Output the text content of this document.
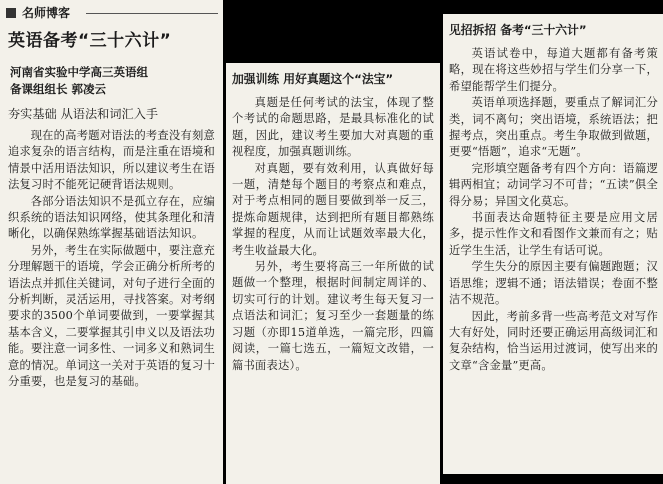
名师博客
英语备考“三十六计”
河南省实验中学高三英语组
备课组组长 郭凌云
夯实基础 从语法和词汇入手

现在的高考题对语法的考查没有刻意追求复杂的语言结构，而是注重在语境和情景中活用语法知识，所以建议考生在语法复习时不能死记硬背语法规则。

各部分语法知识不是孤立存在，应编织系统的语法知识网络，使其条理化和清晰化，以确保熟练掌握基础语法知识。

另外，考生在实际做题中，要注意充分理解题干的语境，学会正确分析所考的语法点并抓住关键词，对句子进行全面的分析判断，灵活运用，寻找答案。对考纲要求的3500个单词要做到，一要掌握其基本含义，二要掌握其引申义以及语法功能。要注意一词多性、一词多义和熟词生意的情况。单词这一关对于英语的复习十分重要，也是复习的基础。

加强训练 用好真题这个“法宝”

真题是任何考试的法宝，体现了整个考试的命题思路，是最具标准化的试题，因此，建议考生要加大对真题的重视程度，加强真题训练。

对真题，要有效利用，认真做好每一题，清楚每个题目的考察点和难点，对于考点相同的题目要做到举一反三，提炼命题规律，达到把所有题目都熟练掌握的程度，从而让试题效率最大化，考生收益最大化。

另外，考生要将高三一年所做的试题做一个整理，根据时间制定周详的、切实可行的计划。建议考生每天复习一点语法和词汇；复习至少一套题量的练习题（亦即15道单选，一篇完形，四篇阅读，一篇七选五，一篇短文改错，一篇书面表达）。

见招拆招 备考“三十六计”

英语试卷中，每道大题都有备考策略，现在将这些妙招与学生们分享一下，希望能帮学生们提分。

英语单项选择题，要重点了解词汇分类，词不离句；突出语境，系统语法；把握考点，突出重点。考生争取做到做题，更要“悟题”，追求“无题”。

完形填空题备考有四个方向：语篇逻辑两相宜；动词学习不可昔；“五读”俱全得分易；异国文化莫忘。

书面表达命题特征主要是应用文居多，提示性作文和看图作文兼而有之；贴近学生生活，让学生有话可说。

学生失分的原因主要有偏题跑题；汉语思维；逻辑不通；语法错误；卷面不整洁不规范。

因此，考前多背一些高考范文对写作大有好处，同时还要正确运用高级词汇和复杂结构，恰当运用过渡词，使写出来的文章“含金量”更高。
